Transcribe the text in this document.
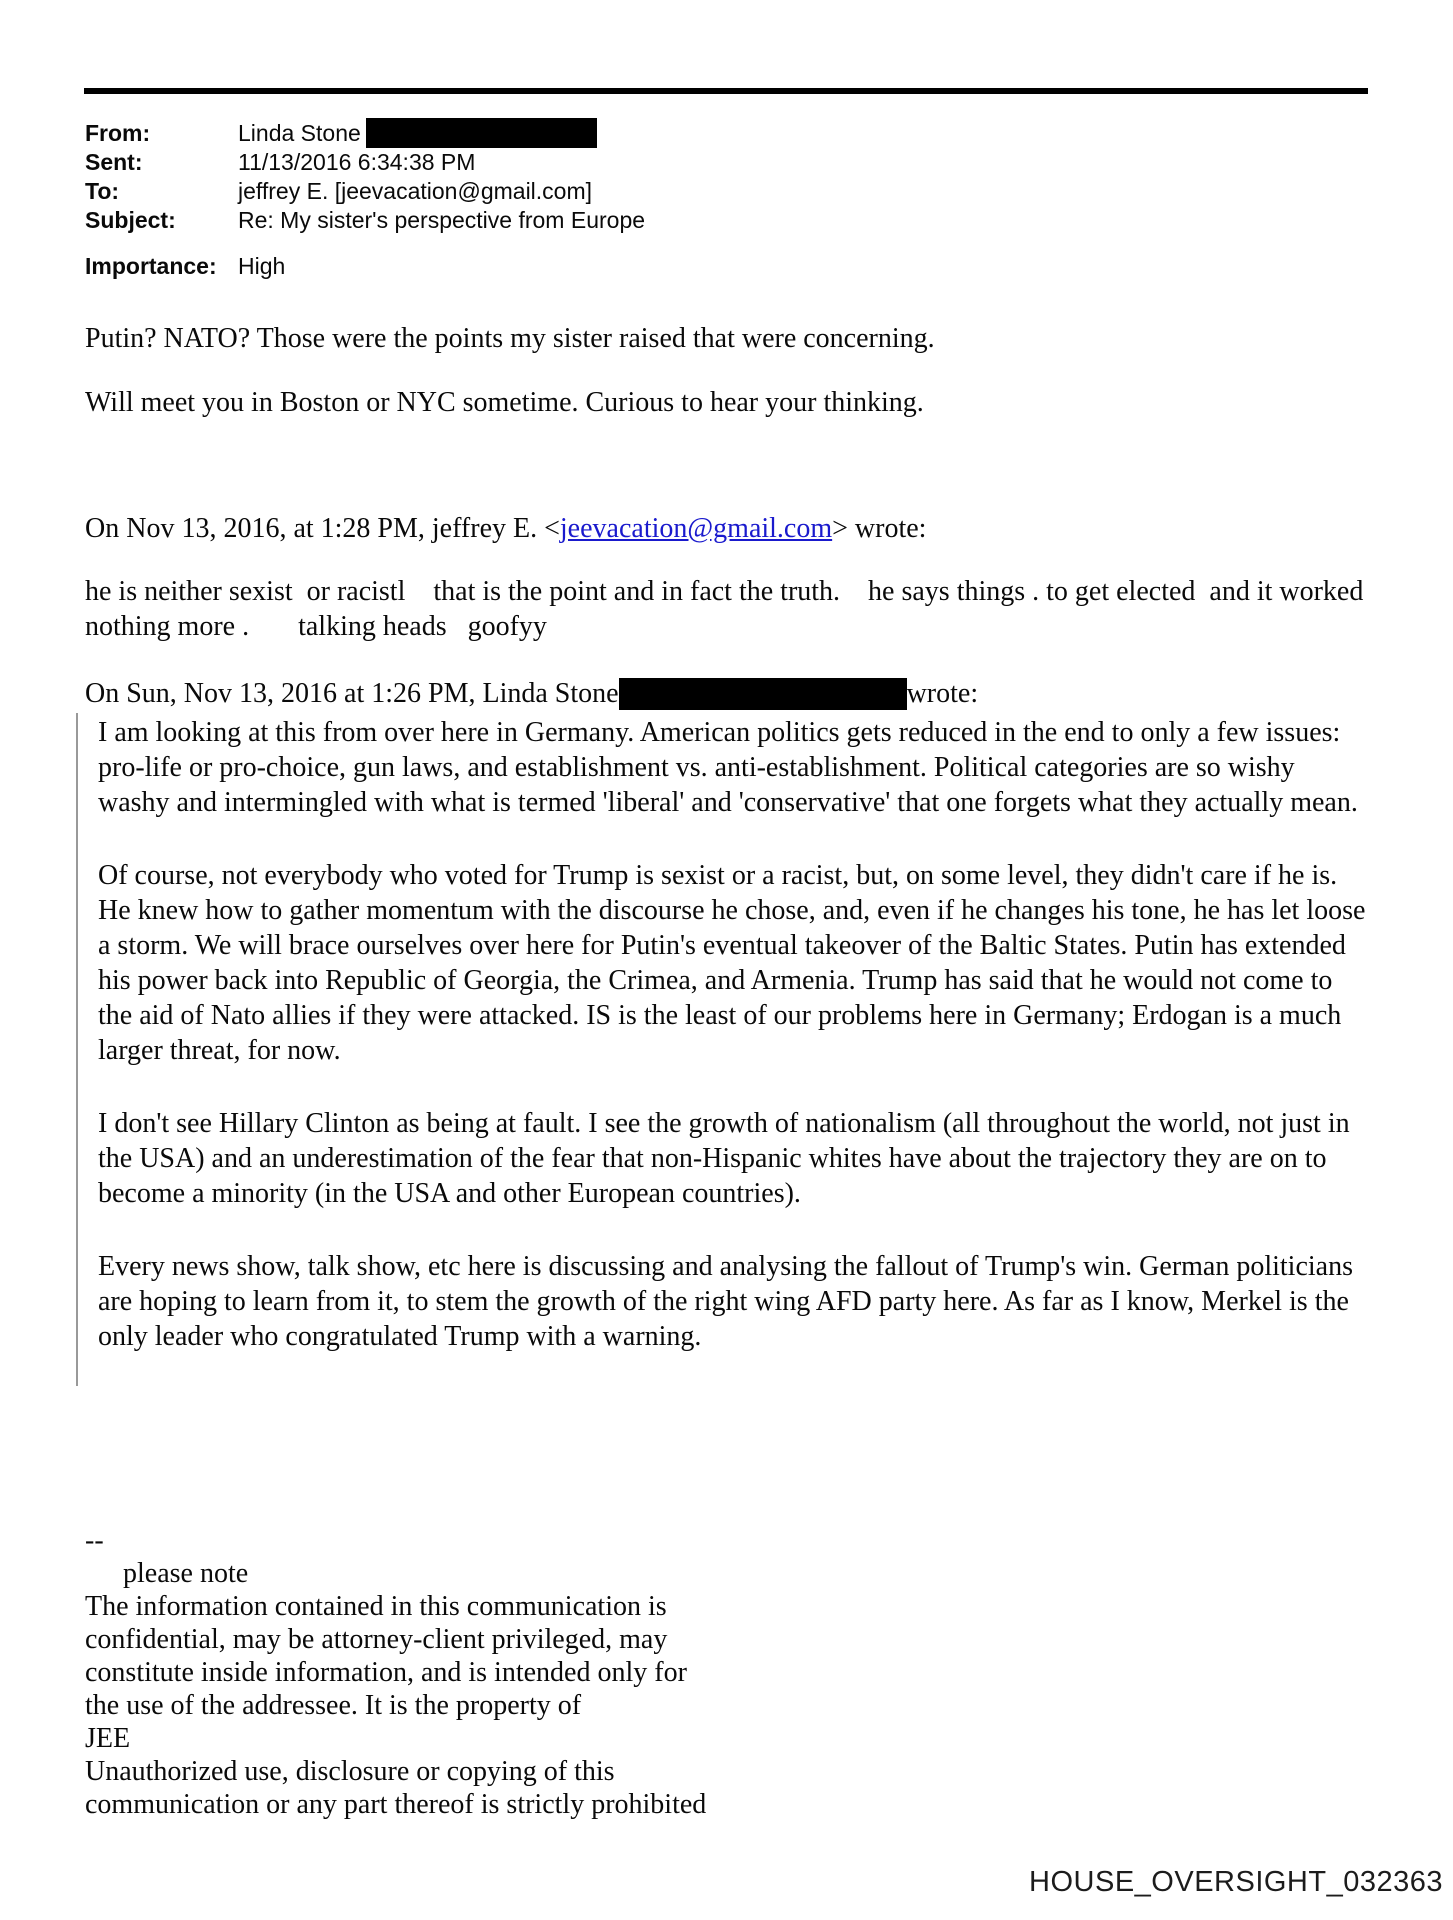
From:	Linda Stone
Sent:	11/13/2016 6:34:38 PM
To:	jeffrey E. [jeevacation@gmail.com]
Subject:	Re: My sister's perspective from Europe
Importance: High

Putin? NATO? Those were the points my sister raised that were concerning.

Will meet you in Boston or NYC sometime. Curious to hear your thinking.

On Nov 13, 2016, at 1:28 PM, jeffrey E. <jeevacation@gmail.com> wrote:

he is neither sexist  or racistl    that is the point and in fact the truth.    he says things . to get elected  and it worked  nothing more .       talking heads   goofyy

On Sun, Nov 13, 2016 at 1:26 PM, Linda Stone	wrote:

I am looking at this from over here in Germany. American politics gets reduced in the end to only a few issues: pro-life or pro-choice, gun laws, and establishment vs. anti-establishment. Political categories are so wishy washy and intermingled with what is termed 'liberal' and 'conservative' that one forgets what they actually mean.

Of course, not everybody who voted for Trump is sexist or a racist, but, on some level, they didn't care if he is. He knew how to gather momentum with the discourse he chose, and, even if he changes his tone, he has let loose a storm. We will brace ourselves over here for Putin's eventual takeover of the Baltic States. Putin has extended his power back into Republic of Georgia, the Crimea, and Armenia. Trump has said that he would not come to the aid of Nato allies if they were attacked. IS is the least of our problems here in Germany; Erdogan is a much larger threat, for now.

I don't see Hillary Clinton as being at fault. I see the growth of nationalism (all throughout the world, not just in the USA) and an underestimation of the fear that non-Hispanic whites have about the trajectory they are on to become a minority (in the USA and other European countries).

Every news show, talk show, etc here is discussing and analysing the fallout of Trump's win. German politicians are hoping to learn from it, to stem the growth of the right wing AFD party here. As far as I know, Merkel is the only leader who congratulated Trump with a warning.

--
please note
The information contained in this communication is
confidential, may be attorney-client privileged, may
constitute inside information, and is intended only for
the use of the addressee. It is the property of
JEE
Unauthorized use, disclosure or copying of this
communication or any part thereof is strictly prohibited
HOUSE_OVERSIGHT_032363
